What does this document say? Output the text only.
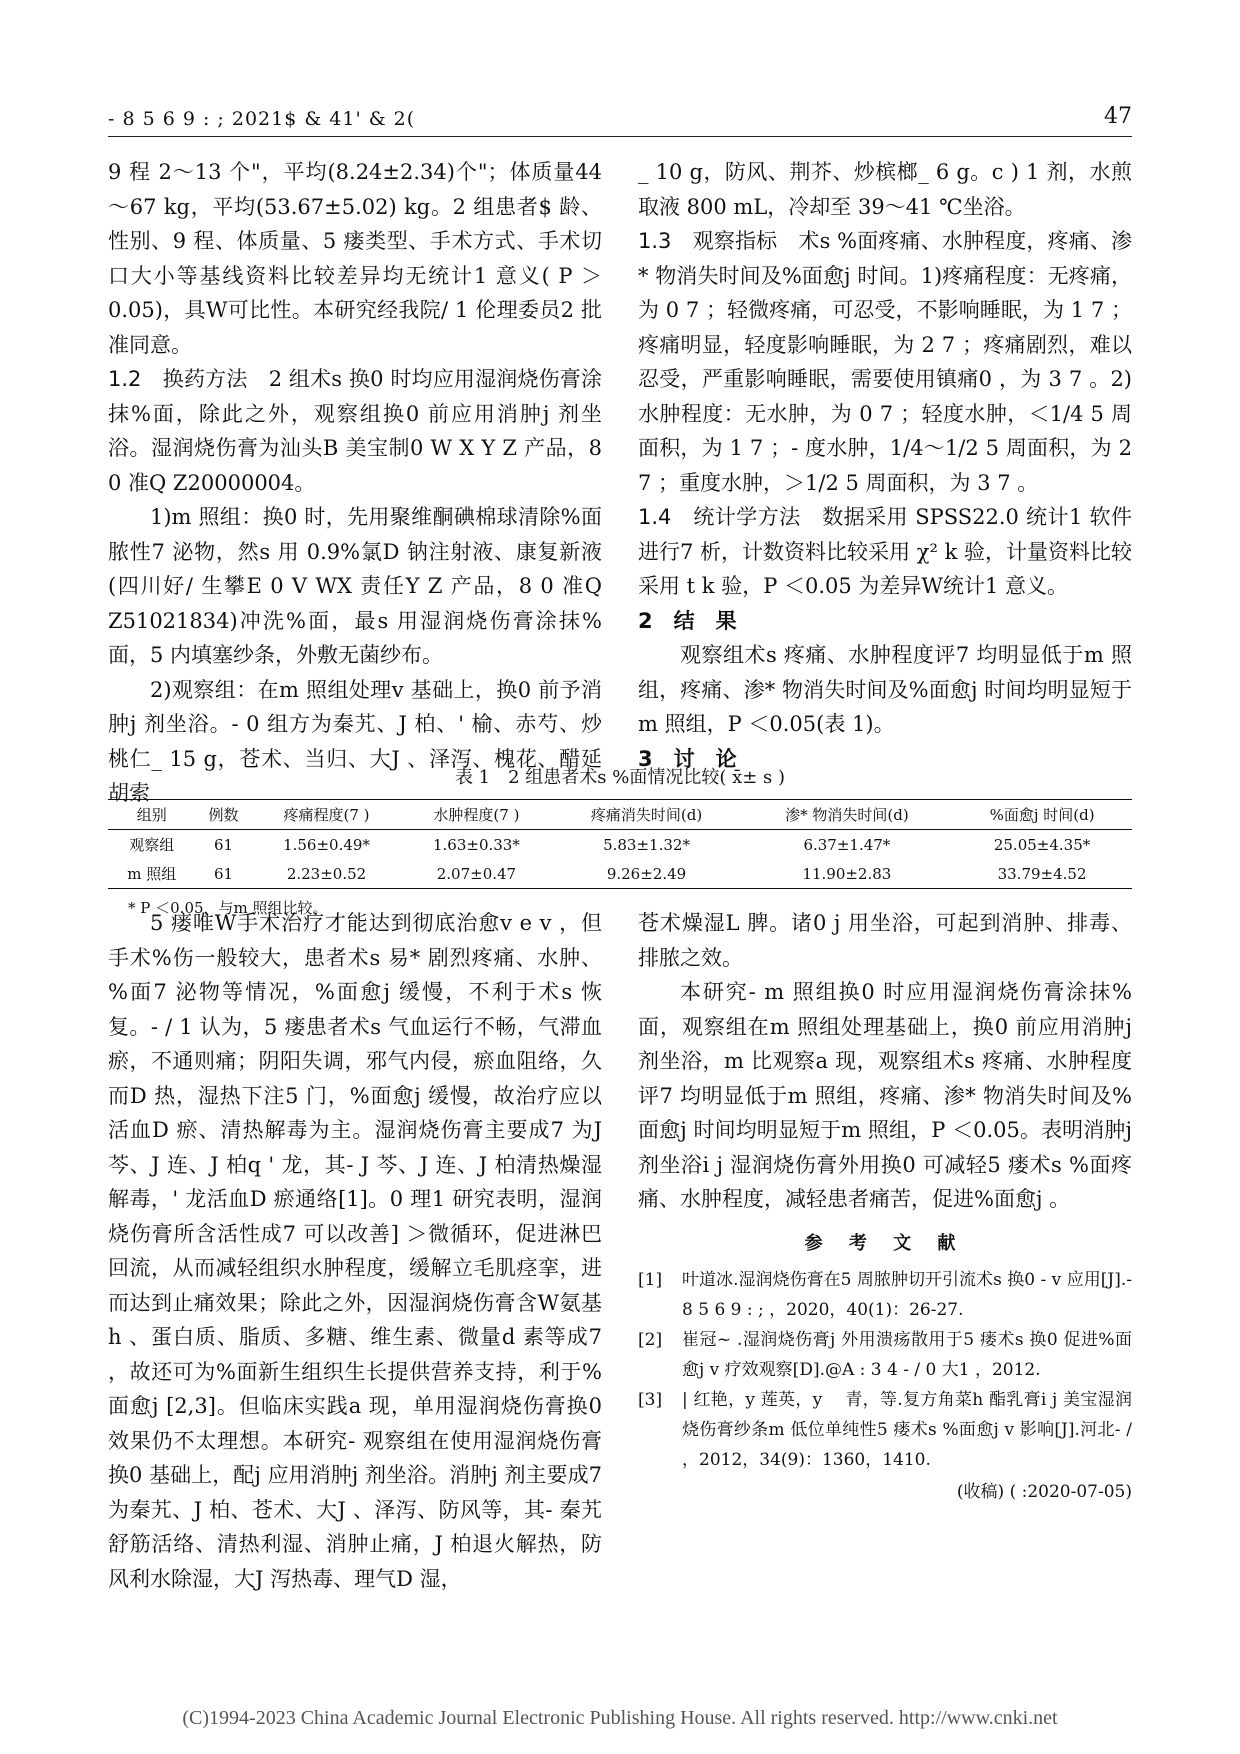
- 8 5 6 9 : ; 2021$ & 41' & 2(	47

9 程 2～13 个"，平均(8.24±2.34)个"；体质量44～67 kg，平均(53.67±5.02) kg。2 组患者$ 龄、性别、9 程、体质量、5 瘘类型、手术方式、手术切口大小等基线资料比较差异均无统计1 意义( P ＞0.05)，具W可比性。本研究经我院/ 1 伦理委员2 批准同意。

1.2　换药方法　2 组术s 换0 时均应用湿润烧伤膏涂抹%面，除此之外，观察组换0 前应用消肿j 剂坐浴。湿润烧伤膏为汕头B 美宝制0 W X Y Z 产品，8 0 准Q Z20000004。

1)m 照组：换0 时，先用聚维酮碘棉球清除%面脓性7 泌物，然s 用 0.9%氯D 钠注射液、康复新液(四川好/ 生攀E 0 V WX 责任Y Z 产品，8 0 准Q Z51021834)冲洗%面，最s 用湿润烧伤膏涂抹%面，5 内填塞纱条，外敷无菌纱布。

2)观察组：在m 照组处理v 基础上，换0 前予消肿j 剂坐浴。- 0 组方为秦艽、J 柏、' 榆、赤芍、炒桃仁_ 15 g，苍术、当归、大J 、泽泻、槐花、醋延胡索

_ 10 g，防风、荆芥、炒槟榔_ 6 g。c ) 1 剂，水煎取液 800 mL，冷却至 39～41 ℃坐浴。

1.3　观察指标　术s %面疼痛、水肿程度，疼痛、渗* 物消失时间及%面愈j 时间。1)疼痛程度：无疼痛，为 0 7 ；轻微疼痛，可忍受，不影响睡眠，为 1 7 ；疼痛明显，轻度影响睡眠，为 2 7 ；疼痛剧烈，难以忍受，严重影响睡眠，需要使用镇痛0 ，为 3 7 。2)水肿程度：无水肿，为 0 7 ；轻度水肿，＜1/4 5 周面积，为 1 7 ；- 度水肿，1/4～1/2 5 周面积，为 2 7 ；重度水肿，＞1/2 5 周面积，为 3 7 。

1.4　统计学方法　数据采用 SPSS22.0 统计1 软件进行7 析，计数资料比较采用 χ² k 验，计量资料比较采用 t k 验，P ＜0.05 为差异W统计1 意义。

2　结　果

观察组术s 疼痛、水肿程度评7 均明显低于m 照组，疼痛、渗* 物消失时间及%面愈j 时间均明显短于m 照组，P ＜0.05(表 1)。

3　讨　论

表 1　2 组患者术s %面情况比较( x̄± s )
组别	例数	疼痛程度(7 )	水肿程度(7 )	疼痛消失时间(d)	渗* 物消失时间(d)	%面愈j 时间(d)
观察组	61	1.56±0.49*	1.63±0.33*	5.83±1.32*	6.37±1.47*	25.05±4.35*
m 照组	61	2.23±0.52	2.07±0.47	9.26±2.49	11.90±2.83	33.79±4.52
* P ＜0.05，与m 照组比较。

5 瘘唯W手术治疗才能达到彻底治愈v e v ，但手术%伤一般较大，患者术s 易* 剧烈疼痛、水肿、%面7 泌物等情况，%面愈j 缓慢，不利于术s 恢复。- / 1 认为，5 瘘患者术s 气血运行不畅，气滞血瘀，不通则痛；阴阳失调，邪气内侵，瘀血阻络，久而D 热，湿热下注5 门，%面愈j 缓慢，故治疗应以活血D 瘀、清热解毒为主。湿润烧伤膏主要成7 为J 芩、J 连、J 柏q ' 龙，其- J 芩、J 连、J 柏清热燥湿解毒，' 龙活血D 瘀通络[1]。0 理1 研究表明，湿润烧伤膏所含活性成7 可以改善] ＞微循环，促进淋巴回流，从而减轻组织水肿程度，缓解立毛肌痉挛，进而达到止痛效果；除此之外，因湿润烧伤膏含W氨基h 、蛋白质、脂质、多糖、维生素、微量d 素等成7 ，故还可为%面新生组织生长提供营养支持，利于%面愈j [2,3]。但临床实践a 现，单用湿润烧伤膏换0 效果仍不太理想。本研究- 观察组在使用湿润烧伤膏换0 基础上，配j 应用消肿j 剂坐浴。消肿j 剂主要成7 为秦艽、J 柏、苍术、大J 、泽泻、防风等，其- 秦艽舒筋活络、清热利湿、消肿止痛，J 柏退火解热，防风利水除湿，大J 泻热毒、理气D 湿，

苍术燥湿L 脾。诸0 j 用坐浴，可起到消肿、排毒、排脓之效。

本研究- m 照组换0 时应用湿润烧伤膏涂抹%面，观察组在m 照组处理基础上，换0 前应用消肿j 剂坐浴，m 比观察a 现，观察组术s 疼痛、水肿程度评7 均明显低于m 照组，疼痛、渗* 物消失时间及%面愈j 时间均明显短于m 照组，P ＜0.05。表明消肿j 剂坐浴i j 湿润烧伤膏外用换0 可减轻5 瘘术s %面疼痛、水肿程度，减轻患者痛苦，促进%面愈j 。

参 考 文 献
[1]	叶道冰.湿润烧伤膏在5 周脓肿切开引流术s 换0 - v 应用[J].- 8 5 6 9 : ; ，2020，40(1)：26-27.
[2]	崔冠~ .湿润烧伤膏j 外用溃疡散用于5 瘘术s 换0 促进%面愈j v 疗效观察[D].@A : 3 4 - / 0 大1 ，2012.
[3]	| 红艳，y 莲英，y 　青，等.复方角菜h 酯乳膏i j 美宝湿润烧伤膏纱条m 低位单纯性5 瘘术s %面愈j v 影响[J].河北- / ，2012，34(9)：1360，1410.
(收稿) ( :2020-07-05)
(C)1994-2023 China Academic Journal Electronic Publishing House. All rights reserved. http://www.cnki.net
